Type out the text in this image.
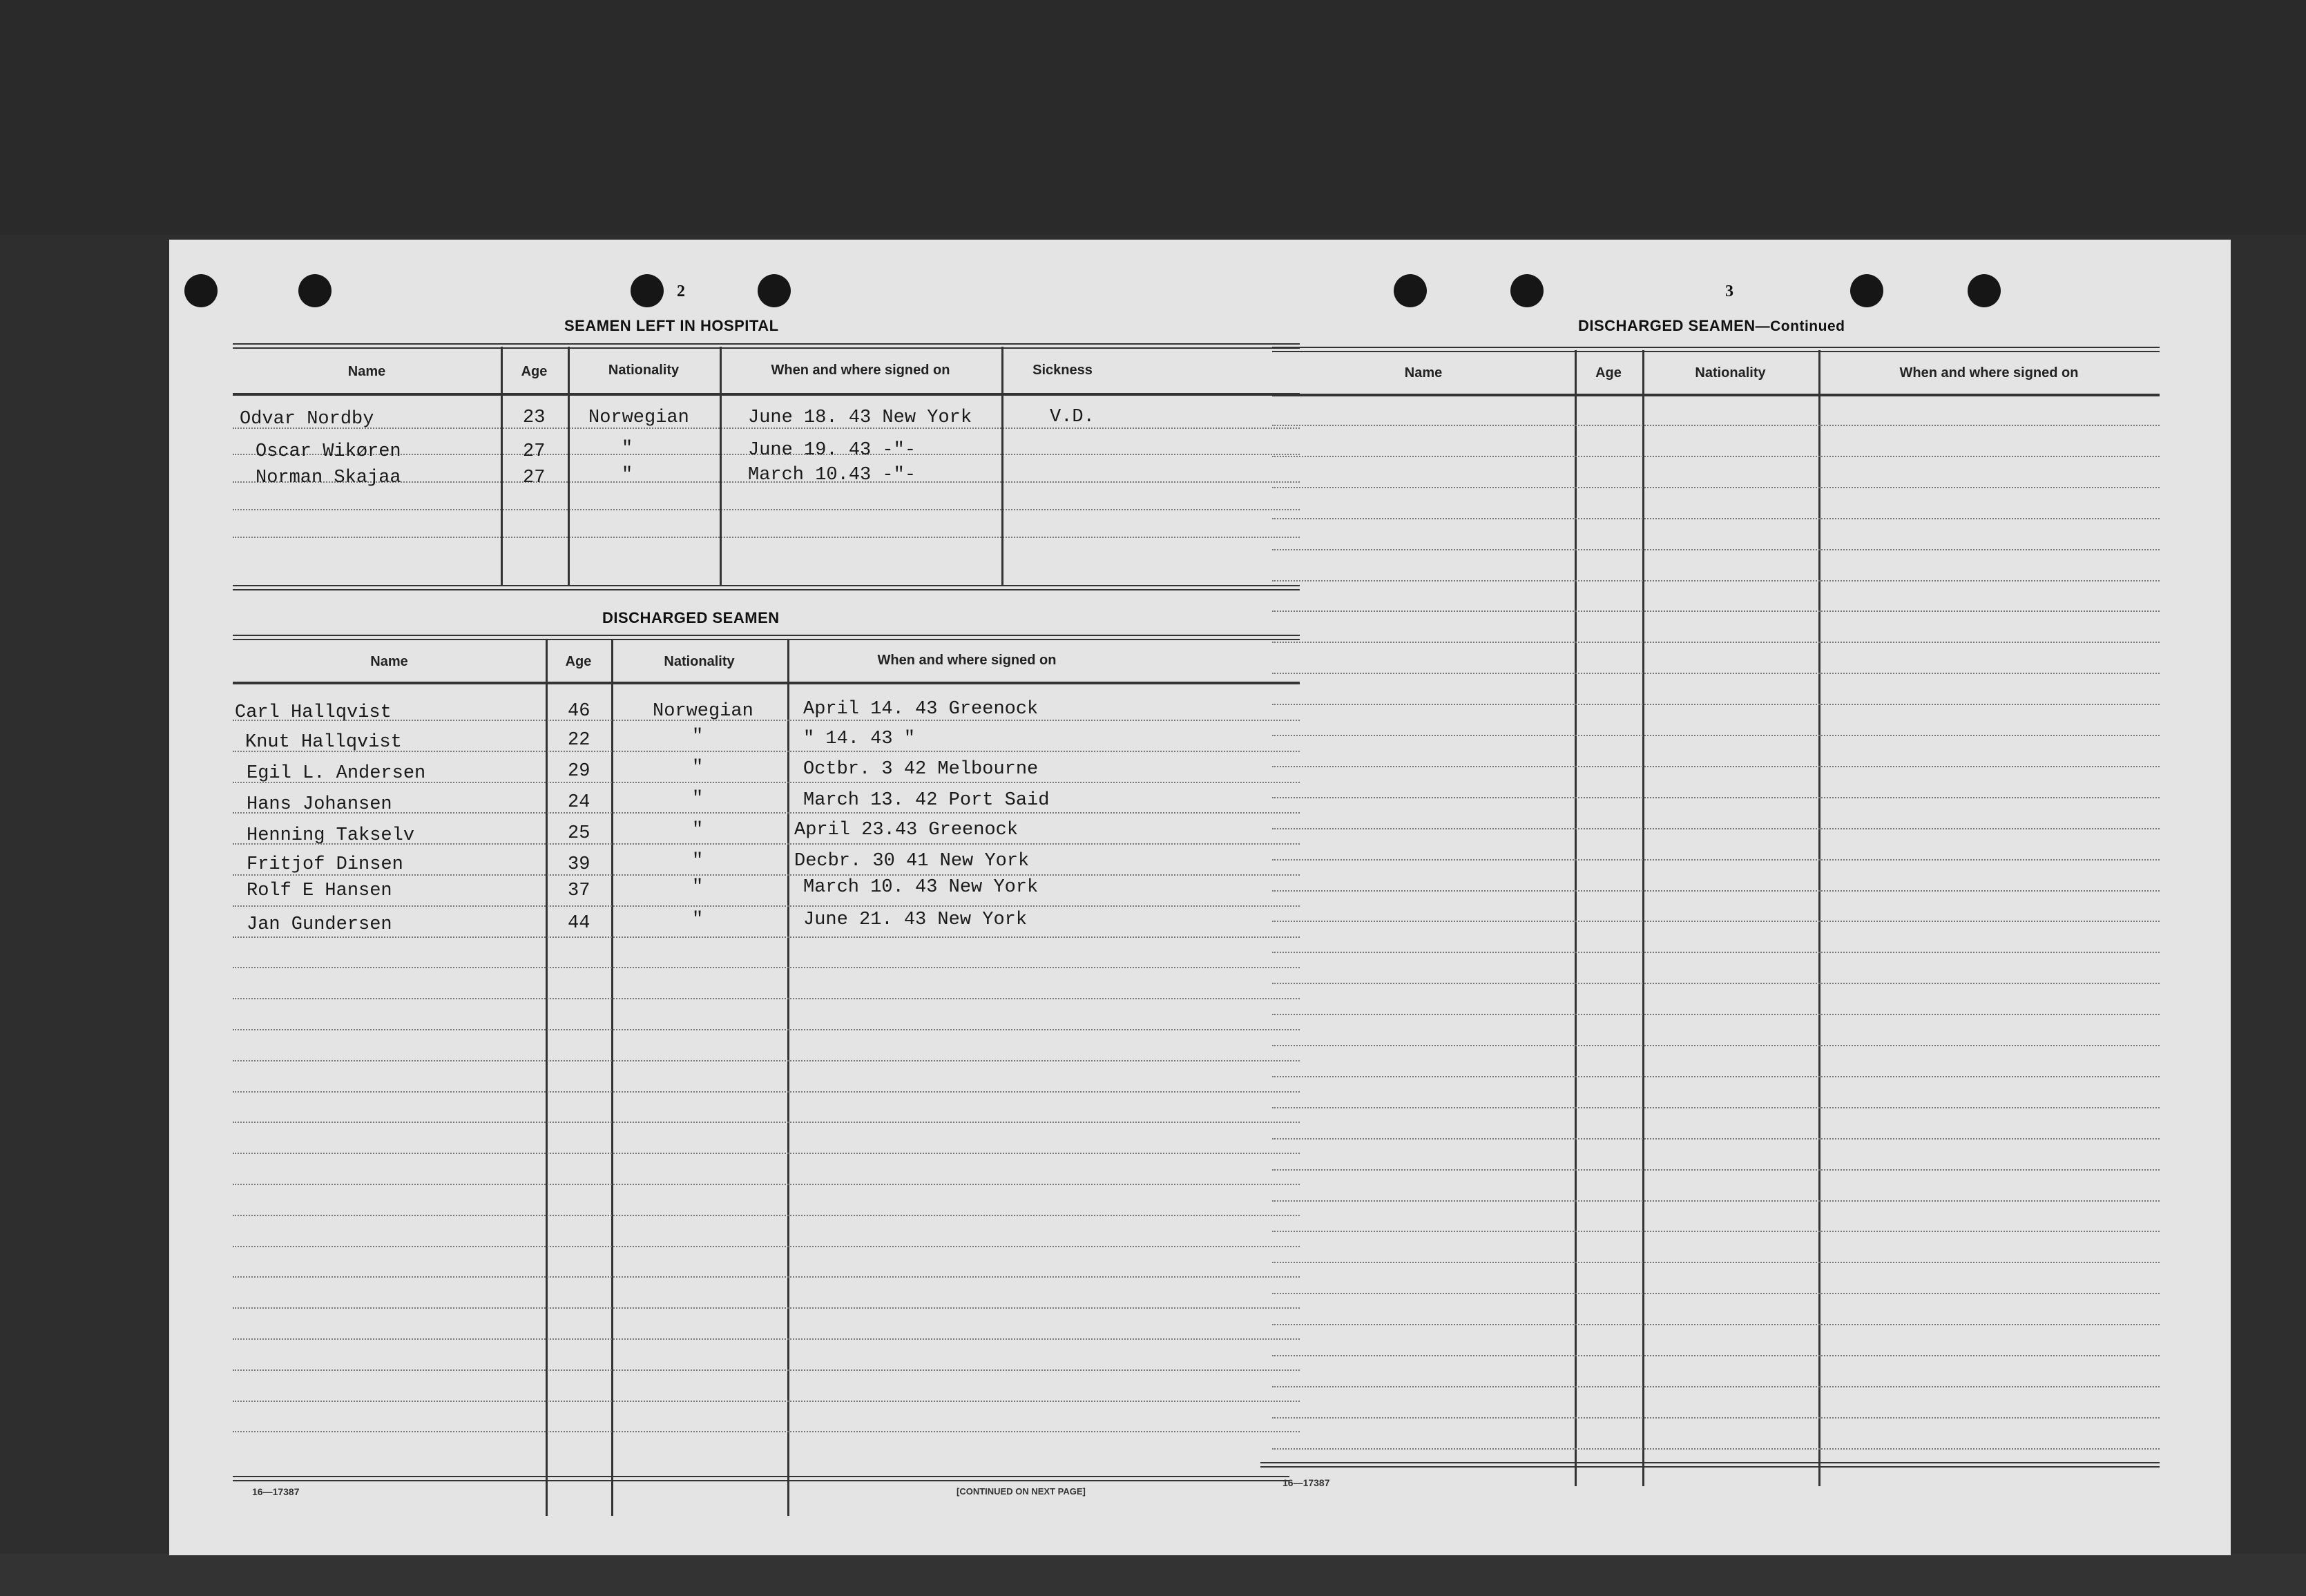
2
SEAMEN LEFT IN HOSPITAL
Name	Age	Nationality	When and where signed on	Sickness
Odvar Nordby	23 Norwegian	June 18. 43 New York	V.D.
Oscar Wikøren	27	"	June 19. 43 -"-
Norman Skajaa	27	"	March 10.43 -"-
DISCHARGED SEAMEN
Name	Age	Nationality	When and where signed on
Carl Hallqvist	46	Norwegian	April 14. 43 Greenock
Knut Hallqvist	22	"	" 14. 43 "
Egil L. Andersen	29	"	Octbr. 3 42 Melbourne
Hans Johansen	24	"	March 13. 42 Port Said
Henning Takselv	25	"	April 23.43 Greenock
Fritjof Dinsen	39	"	Decbr. 30 41 New York
Rolf E Hansen	37	"	March 10. 43 New York
Jan Gundersen	44	"	June 21. 43 New York
16—17387	[CONTINUED ON NEXT PAGE]
3
DISCHARGED SEAMEN—Continued
Name	Age	Nationality	When and where signed on
16—17387
